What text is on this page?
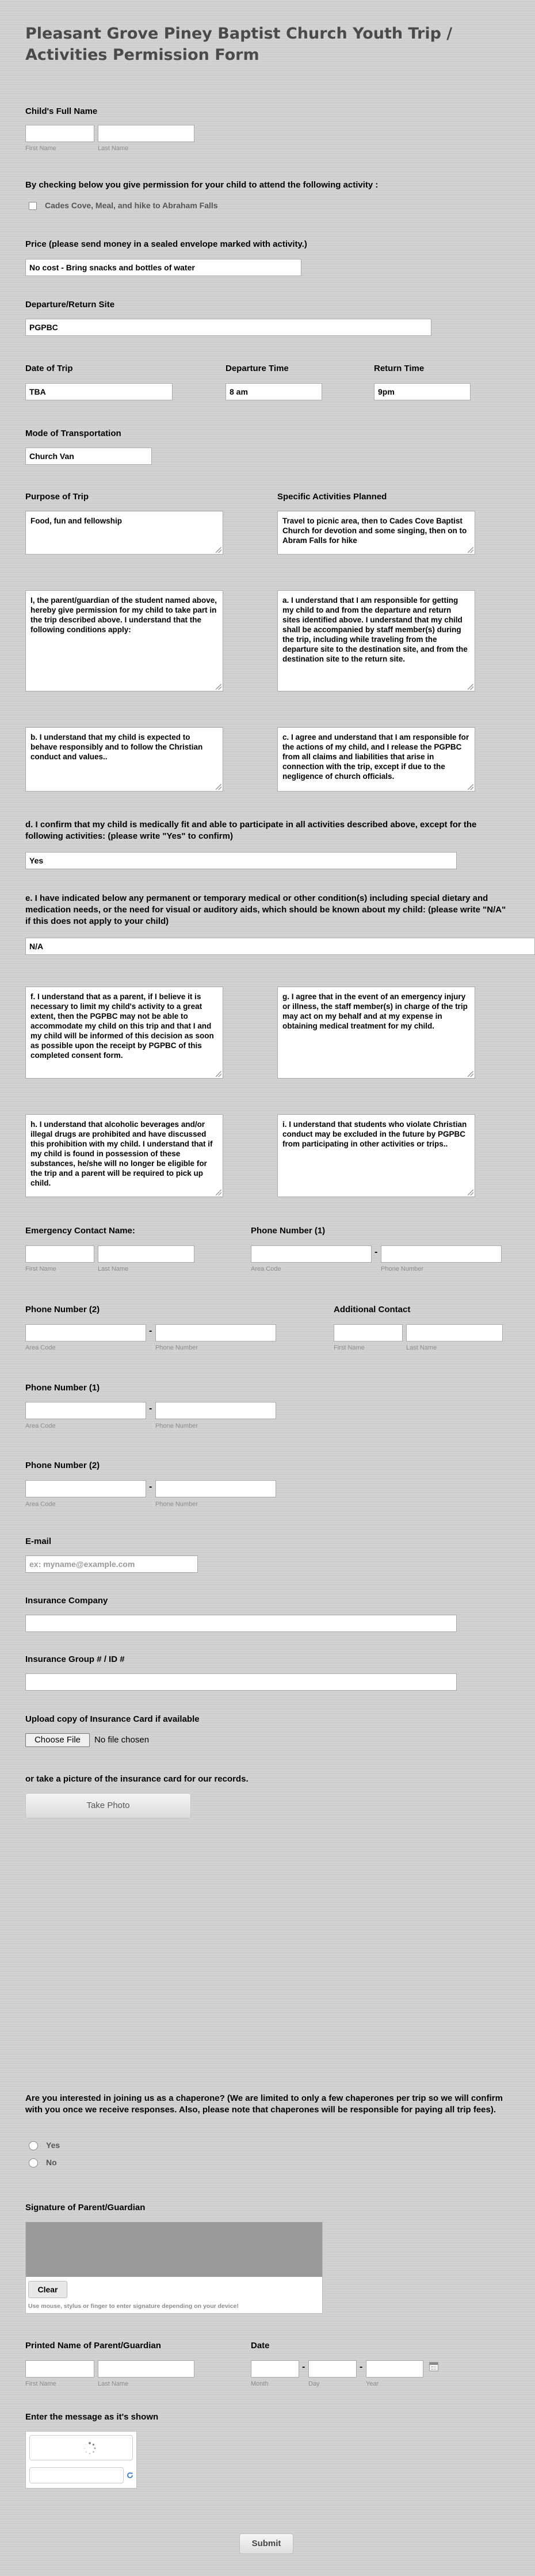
Pleasant Grove Piney Baptist Church Youth Trip / Activities Permission Form
Child's Full Name
First Name	Last Name
By checking below you give permission for your child to attend the following activity :
Cades Cove, Meal, and hike to Abraham Falls
Price (please send money in a sealed envelope marked with activity.)
No cost - Bring snacks and bottles of water
Departure/Return Site
PGPBC
Date of Trip
TBA
Departure Time
8 am
Return Time
9pm
Mode of Transportation
Church Van
Purpose of Trip
Food, fun and fellowship
Specific Activities Planned
Travel to picnic area, then to Cades Cove Baptist Church for devotion and some singing, then on to Abram Falls for hike
I, the parent/guardian of the student named above, hereby give permission for my child to take part in the trip described above. I understand that the following conditions apply:
a. I understand that I am responsible for getting my child to and from the departure and return sites identified above. I understand that my child shall be accompanied by staff member(s) during the trip, including while traveling from the departure site to the destination site, and from the destination site to the return site.
b. I understand that my child is expected to behave responsibly and to follow the Christian conduct and values..
c. I agree and understand that I am responsible for the actions of my child, and I release the PGPBC from all claims and liabilities that arise in connection with the trip, except if due to the negligence of church officials.
d. I confirm that my child is medically fit and able to participate in all activities described above, except for the following activities: (please write "Yes" to confirm)
Yes
e. I have indicated below any permanent or temporary medical or other condition(s) including special dietary and medication needs, or the need for visual or auditory aids, which should be known about my child: (please write "N/A" if this does not apply to your child)
N/A
f. I understand that as a parent, if I believe it is necessary to limit my child's activity to a great extent, then the PGPBC may not be able to accommodate my child on this trip and that I and my child will be informed of this decision as soon as possible upon the receipt by PGPBC of this completed consent form.
g. I agree that in the event of an emergency injury or illness, the staff member(s) in charge of the trip may act on my behalf and at my expense in obtaining medical treatment for my child.
h. I understand that alcoholic beverages and/or illegal drugs are prohibited and have discussed this prohibition with my child. I understand that if my child is found in possession of these substances, he/she will no longer be eligible for the trip and a parent will be required to pick up child.
i. I understand that students who violate Christian conduct may be excluded in the future by PGPBC from participating in other activities or trips..
Emergency Contact Name:
First Name	Last Name
Phone Number (1)
-
Area Code	Phone Number
Phone Number (2)
-
Area Code	Phone Number
Additional Contact
First Name	Last Name
Phone Number (1)
-
Area Code	Phone Number
Phone Number (2)
-
Area Code	Phone Number
E-mail
ex: myname@example.com
Insurance Company
Insurance Group # / ID #
Upload copy of Insurance Card if available
Choose File	No file chosen
or take a picture of the insurance card for our records.
Take Photo
Are you interested in joining us as a chaperone? (We are limited to only a few chaperones per trip so we will confirm with you once we receive responses. Also, please note that chaperones will be responsible for paying all trip fees).
Yes
No
Signature of Parent/Guardian
Clear
Use mouse, stylus or finger to enter signature depending on your device!
Printed Name of Parent/Guardian
First Name	Last Name
Date
-	-
Month	Day	Year
Enter the message as it's shown
Submit
